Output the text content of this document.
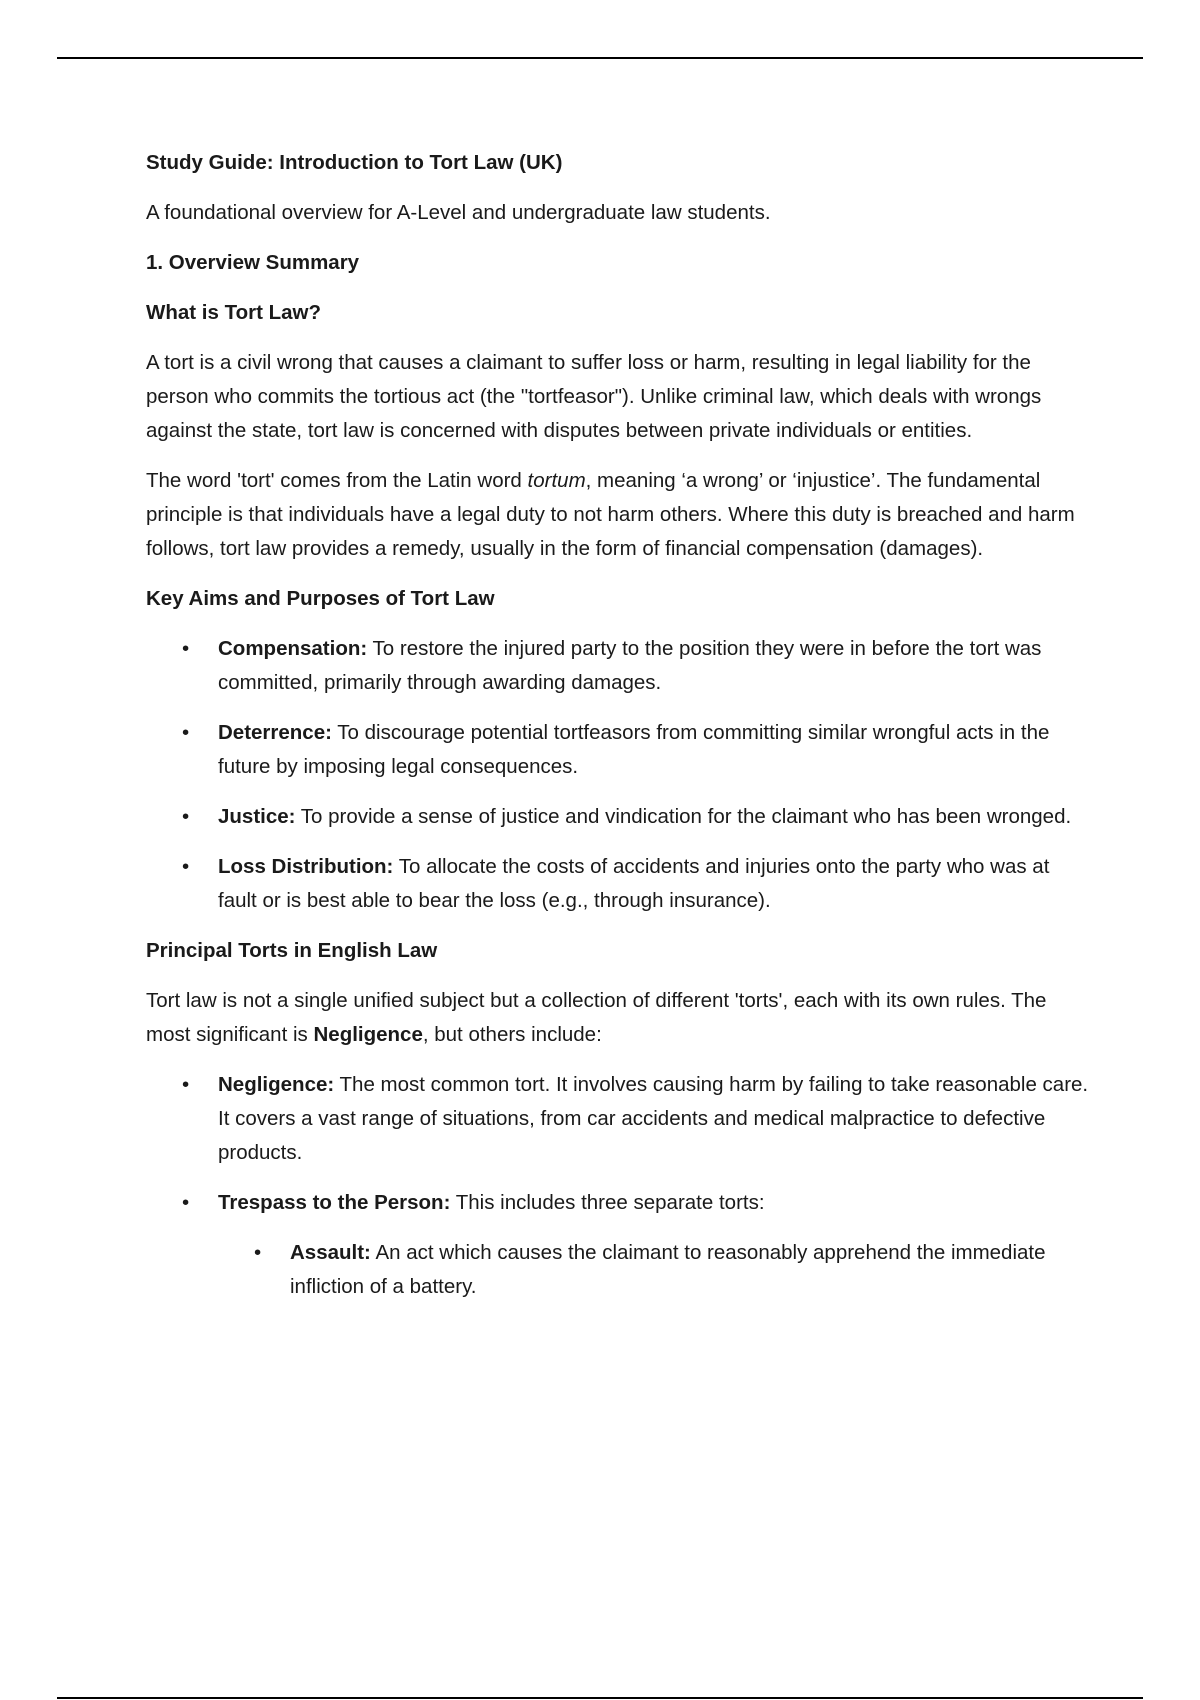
Study Guide: Introduction to Tort Law (UK)

A foundational overview for A-Level and undergraduate law students.

1. Overview Summary
What is Tort Law?

A tort is a civil wrong that causes a claimant to suffer loss or harm, resulting in legal liability for the person who commits the tortious act (the "tortfeasor"). Unlike criminal law, which deals with wrongs against the state, tort law is concerned with disputes between private individuals or entities.

The word 'tort' comes from the Latin word tortum, meaning ‘a wrong’ or ‘injustice’. The fundamental principle is that individuals have a legal duty to not harm others. Where this duty is breached and harm follows, tort law provides a remedy, usually in the form of financial compensation (damages).

Key Aims and Purposes of Tort Law
• Compensation: To restore the injured party to the position they were in before the tort was committed, primarily through awarding damages.
• Deterrence: To discourage potential tortfeasors from committing similar wrongful acts in the future by imposing legal consequences.
• Justice: To provide a sense of justice and vindication for the claimant who has been wronged.
• Loss Distribution: To allocate the costs of accidents and injuries onto the party who was at fault or is best able to bear the loss (e.g., through insurance).
Principal Torts in English Law

Tort law is not a single unified subject but a collection of different 'torts', each with its own rules. The most significant is Negligence, but others include:

• Negligence: The most common tort. It involves causing harm by failing to take reasonable care. It covers a vast range of situations, from car accidents and medical malpractice to defective products.
• Trespass to the Person: This includes three separate torts:
• Assault: An act which causes the claimant to reasonably apprehend the immediate infliction of a battery.
